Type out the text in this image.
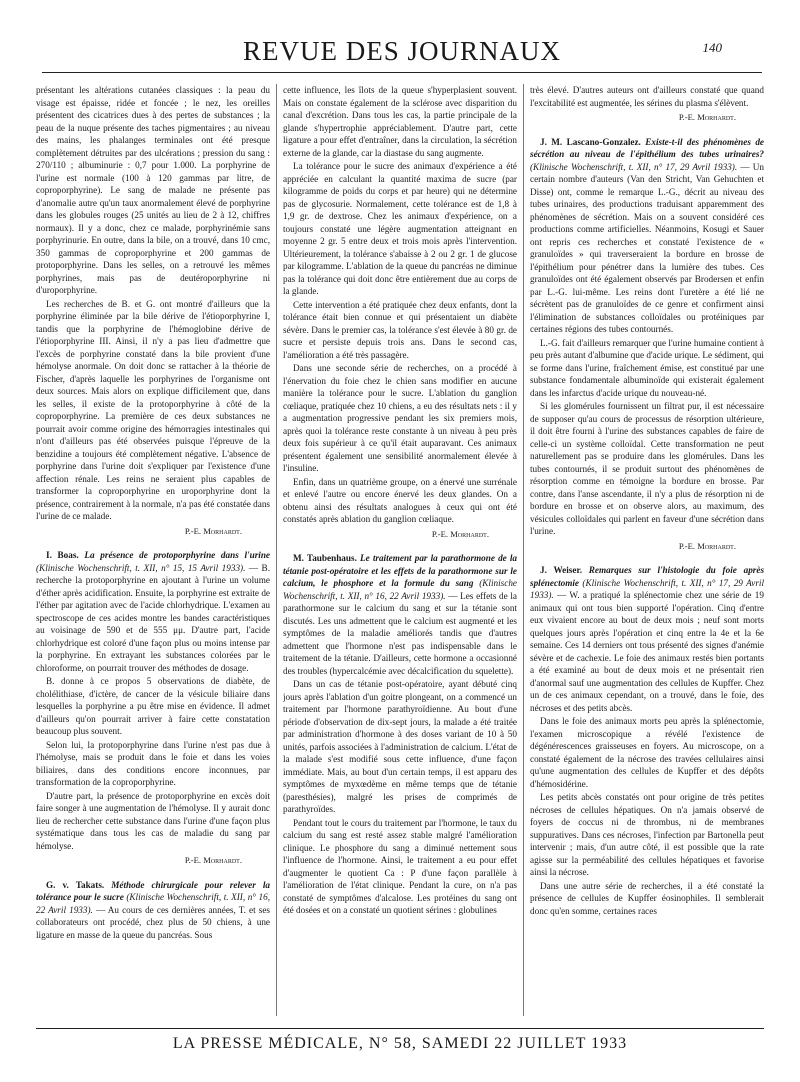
REVUE DES JOURNAUX	140

présentant les altérations cutanées classiques : la peau du visage est épaisse, ridée et foncée ; le nez, les oreilles présentent des cicatrices dues à des pertes de substances ; la peau de la nuque présente des taches pigmentaires ; au niveau des mains, les phalanges terminales ont été presque complètement détruites par des ulcérations ; pression du sang : 270/110 ; albuminurie : 0,7 pour 1.000. La porphyrine de l'urine est normale (100 à 120 gammas par litre, de coproporphyrine). Le sang de malade ne présente pas d'anomalie autre qu'un taux anormalement élevé de porphyrine dans les globules rouges (25 unités au lieu de 2 à 12, chiffres normaux). Il y a donc, chez ce malade, porphyrinémie sans porphyrinurie. En outre, dans la bile, on a trouvé, dans 10 cmc, 350 gammas de coproporphyrine et 200 gammas de protoporphyrine. Dans les selles, on a retrouvé les mêmes porphyrines, mais pas de deutéroporphyrine ni d'uroporphyrine.

Les recherches de B. et G. ont montré d'ailleurs que la porphyrine éliminée par la bile dérive de l'étioporphyrine I, tandis que la porphyrine de l'hémoglobine dérive de l'étioporphyrine III. Ainsi, il n'y a pas lieu d'admettre que l'excès de porphyrine constaté dans la bile provient d'une hémolyse anormale. On doit donc se rattacher à la théorie de Fischer, d'après laquelle les porphyrines de l'organisme ont deux sources. Mais alors on explique difficilement que, dans les selles, il existe de la protoporphyrine à côté de la coproporphyrine. La première de ces deux substances ne pourrait avoir comme origine des hémorragies intestinales qui n'ont d'ailleurs pas été observées puisque l'épreuve de la benzidine a toujours été complètement négative. L'absence de porphyrine dans l'urine doit s'expliquer par l'existence d'une affection rénale. Les reins ne seraient plus capables de transformer la coproporphyrine en uroporphyrine dont la présence, contrairement à la normale, n'a pas été constatée dans l'urine de ce malade.

P.-E. Morhardt.

I. Boas. La présence de protoporphyrine dans l'urine (Klinische Wochenschrift, t. XII, n° 15, 15 Avril 1933). — B. recherche la protoporphyrine en ajoutant à l'urine un volume d'éther après acidification. Ensuite, la porphyrine est extraite de l'éther par agitation avec de l'acide chlorhydrique. L'examen au spectroscope de ces acides montre les bandes caractéristiques au voisinage de 590 et de 555 μμ. D'autre part, l'acide chlorhydrique est coloré d'une façon plus ou moins intense par la porphyrine. En extrayant les substances colorées par le chloroforme, on pourrait trouver des méthodes de dosage.

B. donne à ce propos 5 observations de diabète, de cholélithiase, d'ictère, de cancer de la vésicule biliaire dans lesquelles la porphyrine a pu être mise en évidence. Il admet d'ailleurs qu'on pourrait arriver à faire cette constatation beaucoup plus souvent.

Selon lui, la protoporphyrine dans l'urine n'est pas due à l'hémolyse, mais se produit dans le foie et dans les voies biliaires, dans des conditions encore inconnues, par transformation de la coproporphyrine.

D'autre part, la présence de protoporphyrine en excès doit faire songer à une augmentation de l'hémolyse. Il y aurait donc lieu de rechercher cette substance dans l'urine d'une façon plus systématique dans tous les cas de maladie du sang par hémolyse.

P.-E. Morhardt.

G. v. Takats. Méthode chirurgicale pour relever la tolérance pour le sucre (Klinische Wochenschrift, t. XII, n° 16, 22 Avril 1933). — Au cours de ces dernières années, T. et ses collaborateurs ont procédé, chez plus de 50 chiens, à une ligature en masse de la queue du pancréas. Sous

cette influence, les îlots de la queue s'hyperplasient souvent. Mais on constate également de la sclérose avec disparition du canal d'excrétion. Dans tous les cas, la partie principale de la glande s'hypertrophie appréciablement. D'autre part, cette ligature a pour effet d'entraîner, dans la circulation, la sécrétion externe de la glande, car la diastase du sang augmente.

La tolérance pour le sucre des animaux d'expérience a été appréciée en calculant la quantité maxima de sucre (par kilogramme de poids du corps et par heure) qui ne détermine pas de glycosurie. Normalement, cette tolérance est de 1,8 à 1,9 gr. de dextrose. Chez les animaux d'expérience, on a toujours constaté une légère augmentation atteignant en moyenne 2 gr. 5 entre deux et trois mois après l'intervention. Ultérieurement, la tolérance s'abaisse à 2 ou 2 gr. 1 de glucose par kilogramme. L'ablation de la queue du pancréas ne diminue pas la tolérance qui doit donc être entièrement due au corps de la glande.

Cette intervention a été pratiquée chez deux enfants, dont la tolérance était bien connue et qui présentaient un diabète sévère. Dans le premier cas, la tolérance s'est élevée à 80 gr. de sucre et persiste depuis trois ans. Dans le second cas, l'amélioration a été très passagère.

Dans une seconde série de recherches, on a procédé à l'énervation du foie chez le chien sans modifier en aucune manière la tolérance pour le sucre. L'ablation du ganglion cœliaque, pratiquée chez 10 chiens, a eu des résultats nets : il y a augmentation progressive pendant les six premiers mois, après quoi la tolérance reste constante à un niveau à peu près deux fois supérieur à ce qu'il était auparavant. Ces animaux présentent également une sensibilité anormalement élevée à l'insuline.

Enfin, dans un quatrième groupe, on a énervé une surrénale et enlevé l'autre ou encore énervé les deux glandes. On a obtenu ainsi des résultats analogues à ceux qui ont été constatés après ablation du ganglion cœliaque.

P.-E. Morhardt.

M. Taubenhaus. Le traitement par la parathormone de la tétanie post-opératoire et les effets de la parathormone sur le calcium, le phosphore et la formule du sang (Klinische Wochenschrift, t. XII, n° 16, 22 Avril 1933). — Les effets de la parathormone sur le calcium du sang et sur la tétanie sont discutés. Les uns admettent que le calcium est augmenté et les symptômes de la maladie améliorés tandis que d'autres admettent que l'hormone n'est pas indispensable dans le traitement de la tétanie. D'ailleurs, cette hormone a occasionné des troubles (hypercalcémie avec décalcification du squelette).

Dans un cas de tétanie post-opératoire, ayant débuté cinq jours après l'ablation d'un goitre plongeant, on a commencé un traitement par l'hormone parathyroïdienne. Au bout d'une période d'observation de dix-sept jours, la malade a été traitée par administration d'hormone à des doses variant de 10 à 50 unités, parfois associées à l'administration de calcium. L'état de la malade s'est modifié sous cette influence, d'une façon immédiate. Mais, au bout d'un certain temps, il est apparu des symptômes de myxœdème en même temps que de tétanie (paresthésies), malgré les prises de comprimés de parathyroïdes.

Pendant tout le cours du traitement par l'hormone, le taux du calcium du sang est resté assez stable malgré l'amélioration clinique. Le phosphore du sang a diminué nettement sous l'influence de l'hormone. Ainsi, le traitement a eu pour effet d'augmenter le quotient Ca : P d'une façon parallèle à l'amélioration de l'état clinique. Pendant la cure, on n'a pas constaté de symptômes d'alcalose. Les protéines du sang ont été dosées et on a constaté un quotient sérines : globulines

très élevé. D'autres auteurs ont d'ailleurs constaté que quand l'excitabilité est augmentée, les sérines du plasma s'élèvent.

P.-E. Morhardt.

J. M. Lascano-Gonzalez. Existe-t-il des phénomènes de sécrétion au niveau de l'épithélium des tubes urinaires? (Klinische Wochenschrift, t. XII, n° 17, 29 Avril 1933). — Un certain nombre d'auteurs (Van den Stricht, Van Gehuchten et Disse) ont, comme le remarque L.-G., décrit au niveau des tubes urinaires, des productions traduisant apparemment des phénomènes de sécrétion. Mais on a souvent considéré ces productions comme artificielles. Néanmoins, Kosugi et Sauer ont repris ces recherches et constaté l'existence de « granuloïdes » qui traverseraient la bordure en brosse de l'épithélium pour pénétrer dans la lumière des tubes. Ces granuloïdes ont été également observés par Brodersen et enfin par L.-G. lui-même. Les reins dont l'uretère a été lié ne sécrètent pas de granuloïdes de ce genre et confirment ainsi l'élimination de substances colloïdales ou protéiniques par certaines régions des tubes contournés.

L.-G. fait d'ailleurs remarquer que l'urine humaine contient à peu près autant d'albumine que d'acide urique. Le sédiment, qui se forme dans l'urine, fraîchement émise, est constitué par une substance fondamentale albuminoïde qui existerait également dans les infarctus d'acide urique du nouveau-né.

Si les glomérules fournissent un filtrat pur, il est nécessaire de supposer qu'au cours de processus de résorption ultérieure, il doit être fourni à l'urine des substances capables de faire de celle-ci un système colloïdal. Cette transformation ne peut naturellement pas se produire dans les glomérules. Dans les tubes contournés, il se produit surtout des phénomènes de résorption comme en témoigne la bordure en brosse. Par contre, dans l'anse ascendante, il n'y a plus de résorption ni de bordure en brosse et on observe alors, au maximum, des vésicules colloïdales qui parlent en faveur d'une sécrétion dans l'urine.

P.-E. Morhardt.

J. Weiser. Remarques sur l'histologie du foie après splénectomie (Klinische Wochenschrift, t. XII, n° 17, 29 Avril 1933). — W. a pratiqué la splénectomie chez une série de 19 animaux qui ont tous bien supporté l'opération. Cinq d'entre eux vivaient encore au bout de deux mois ; neuf sont morts quelques jours après l'opération et cinq entre la 4e et la 6e semaine. Ces 14 derniers ont tous présenté des signes d'anémie sévère et de cachexie. Le foie des animaux restés bien portants a été examiné au bout de deux mois et ne présentait rien d'anormal sauf une augmentation des cellules de Kupffer. Chez un de ces animaux cependant, on a trouvé, dans le foie, des nécroses et des petits abcès.

Dans le foie des animaux morts peu après la splénectomie, l'examen microscopique a révélé l'existence de dégénérescences graisseuses en foyers. Au microscope, on a constaté également de la nécrose des travées cellulaires ainsi qu'une augmentation des cellules de Kupffer et des dépôts d'hémosidérine.

Les petits abcès constatés ont pour origine de très petites nécroses de cellules hépatiques. On n'a jamais observé de foyers de coccus ni de thrombus, ni de membranes suppuratives. Dans ces nécroses, l'infection par Bartonella peut intervenir ; mais, d'un autre côté, il est possible que la rate agisse sur la perméabilité des cellules hépatiques et favorise ainsi la nécrose.

Dans une autre série de recherches, il a été constaté la présence de cellules de Kupffer éosinophiles. Il semblerait donc qu'en somme, certaines races

LA PRESSE MÉDICALE, N° 58, SAMEDI 22 JUILLET 1933
